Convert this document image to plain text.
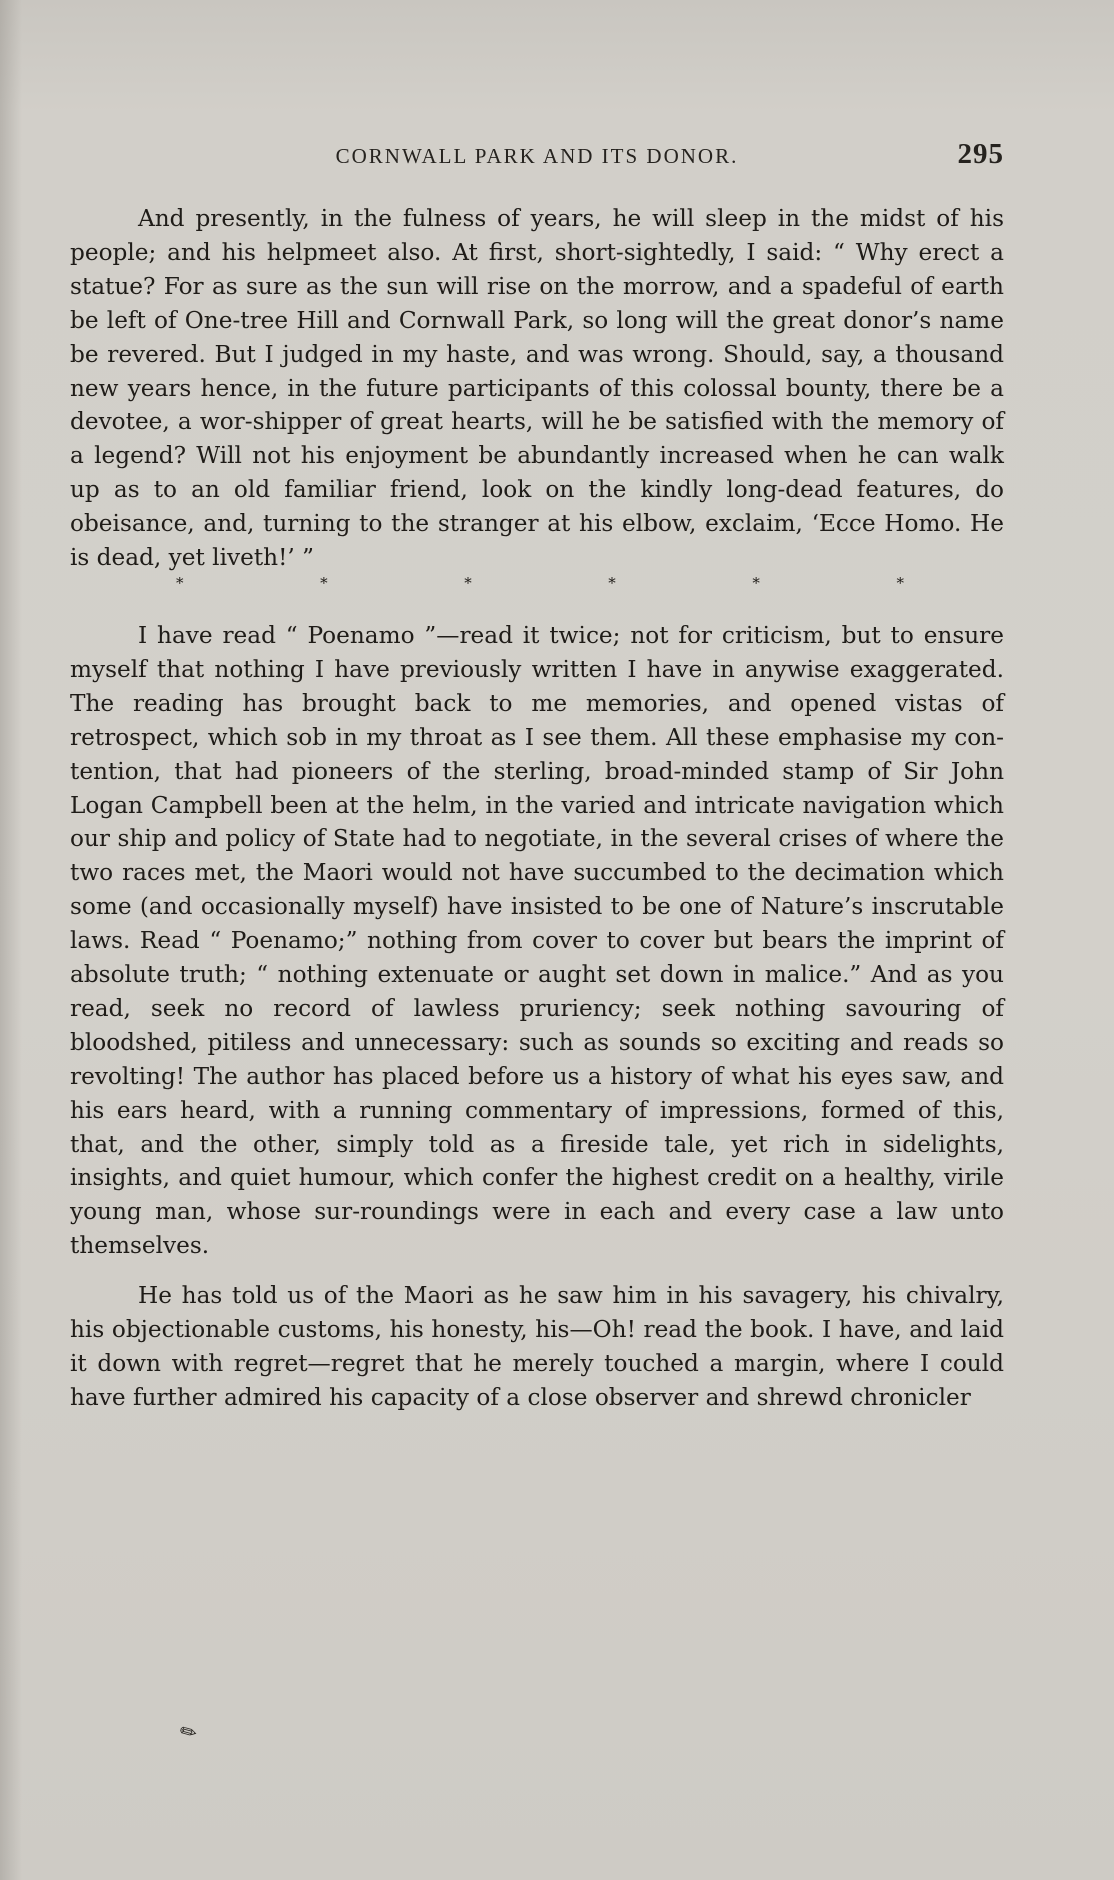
CORNWALL PARK AND ITS DONOR.	295

And presently, in the fulness of years, he will sleep in the midst of his people; and his helpmeet also. At first, short-sightedly, I said: “ Why erect a statue? For as sure as the sun will rise on the morrow, and a spadeful of earth be left of One-tree Hill and Cornwall Park, so long will the great donor’s name be revered. But I judged in my haste, and was wrong. Should, say, a thousand new years hence, in the future participants of this colossal bounty, there be a devotee, a wor-shipper of great hearts, will he be satisfied with the memory of a legend? Will not his enjoyment be abundantly increased when he can walk up as to an old familiar friend, look on the kindly long-dead features, do obeisance, and, turning to the stranger at his elbow, exclaim, ‘Ecce Homo. He is dead, yet liveth!’ ”

*	*	*	*	*	*

I have read “ Poenamo ”—read it twice; not for criticism, but to ensure myself that nothing I have previously written I have in anywise exaggerated. The reading has brought back to me memories, and opened vistas of retrospect, which sob in my throat as I see them. All these emphasise my con-tention, that had pioneers of the sterling, broad-minded stamp of Sir John Logan Campbell been at the helm, in the varied and intricate navigation which our ship and policy of State had to negotiate, in the several crises of where the two races met, the Maori would not have succumbed to the decimation which some (and occasionally myself) have insisted to be one of Nature’s inscrutable laws. Read “ Poenamo;” nothing from cover to cover but bears the imprint of absolute truth; “ nothing extenuate or aught set down in malice.” And as you read, seek no record of lawless pruriency; seek nothing savouring of bloodshed, pitiless and unnecessary: such as sounds so exciting and reads so revolting! The author has placed before us a history of what his eyes saw, and his ears heard, with a running commentary of impressions, formed of this, that, and the other, simply told as a fireside tale, yet rich in sidelights, insights, and quiet humour, which confer the highest credit on a healthy, virile young man, whose sur-roundings were in each and every case a law unto themselves.

He has told us of the Maori as he saw him in his savagery, his chivalry, his objectionable customs, his honesty, his—Oh! read the book. I have, and laid it down with regret—regret that he merely touched a margin, where I could have further admired his capacity of a close observer and shrewd chronicler

✎
